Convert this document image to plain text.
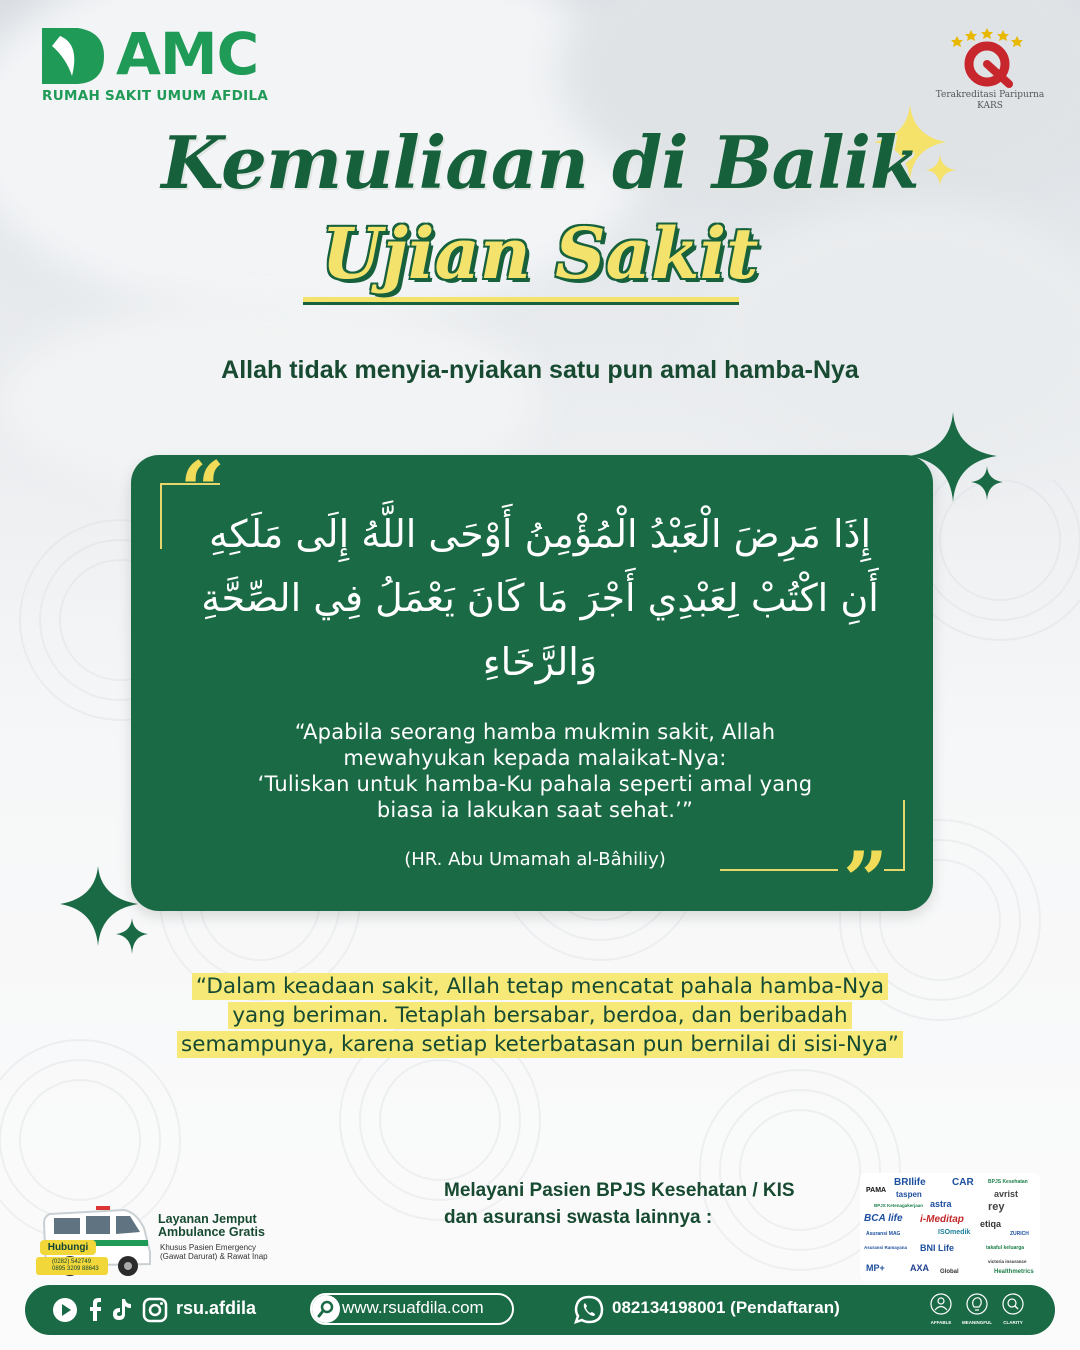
AMC
RUMAH SAKIT UMUM AFDILA	Terakreditasi Paripurna KARS
Kemuliaan di Balik
Ujian Sakit
Allah tidak menyia-nyiakan satu pun amal hamba-Nya
“
”
إِذَا مَرِضَ الْعَبْدُ الْمُؤْمِنُ أَوْحَى اللَّهُ إِلَى مَلَكِهِ أَنِ اكْتُبْ لِعَبْدِي أَجْرَ مَا كَانَ يَعْمَلُ فِي الصِّحَّةِ وَالرَّخَاءِ
“Apabila seorang hamba mukmin sakit, Allah
mewahyukan kepada malaikat-Nya:
‘Tuliskan untuk hamba-Ku pahala seperti amal yang
biasa ia lakukan saat sehat.’”
(HR. Abu Umamah al-Bâhiliy)
“Dalam keadaan sakit, Allah tetap mencatat pahala hamba-Nya
yang beriman. Tetaplah bersabar, berdoa, dan beribadah
semampunya, karena setiap keterbatasan pun bernilai di sisi-Nya”
Hubungi
(0282) 542749
0895 3209 88643
Layanan Jemput
Ambulance Gratis
Khusus Pasien Emergency
(Gawat Darurat) & Rawat Inap
Melayani Pasien BPJS Kesehatan / KIS
dan asuransi swasta lainnya :
PAMA
BRIlife	CAR	BPJS Kesehatan
taspen	avrist
BPJS Ketenagakerjaan astra	rey
BCA life i-Meditap etiqa
ZURICH
Asuransi MAG	ISOmedik
Asuransi Ramayana BNI Life	takaful keluarga
MP+	AXA Global
victoria insurance
Healthmetrics
rsu.afdila	www.rsuafdila.com	082134198001 (Pendaftaran)
AFFABLE	MEANINGFUL	CLARITY
